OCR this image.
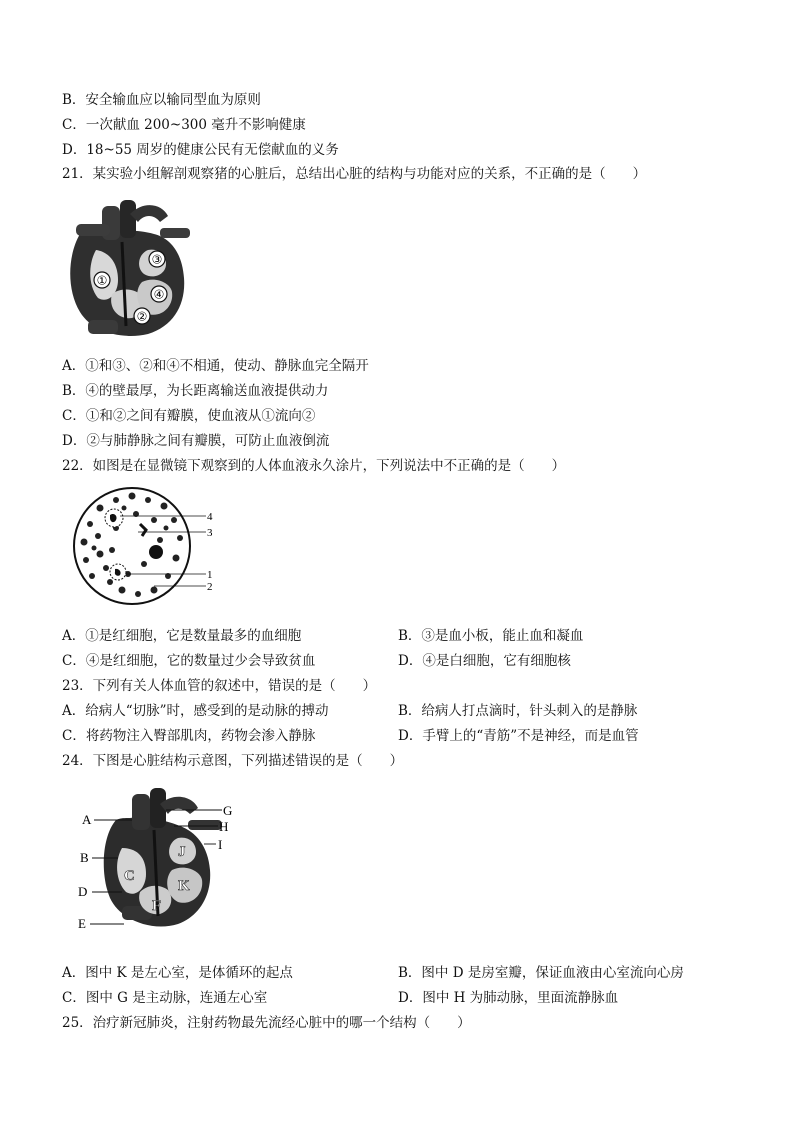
B．安全输血应以输同型血为原则
C．一次献血 200~300 毫升不影响健康
D．18~55 周岁的健康公民有无偿献血的义务
21．某实验小组解剖观察猪的心脏后，总结出心脏的结构与功能对应的关系，不正确的是（　　）
①
②
③
④
A．①和③、②和④不相通，使动、静脉血完全隔开
B．④的壁最厚，为长距离输送血液提供动力
C．①和②之间有瓣膜，使血液从①流向②
D．②与肺静脉之间有瓣膜，可防止血液倒流
22．如图是在显微镜下观察到的人体血液永久涂片，下列说法中不正确的是（　　）
4
3
1
2
A．①是红细胞，它是数量最多的血细胞	B．③是血小板，能止血和凝血
C．④是红细胞，它的数量过少会导致贫血	D．④是白细胞，它有细胞核
23．下列有关人体血管的叙述中，错误的是（　　）
A．给病人“切脉”时，感受到的是动脉的搏动	B．给病人打点滴时，针头刺入的是静脉
C．将药物注入臀部肌肉，药物会渗入静脉	D．手臂上的“青筋”不是神经，而是血管
24．下图是心脏结构示意图，下列描述错误的是（　　）
A
B
D
E
G
H
I
J
C
K
F
A．图中 K 是左心室，是体循环的起点	B．图中 D 是房室瓣，保证血液由心室流向心房
C．图中 G 是主动脉，连通左心室	D．图中 H 为肺动脉，里面流静脉血
25．治疗新冠肺炎，注射药物最先流经心脏中的哪一个结构（　　）
